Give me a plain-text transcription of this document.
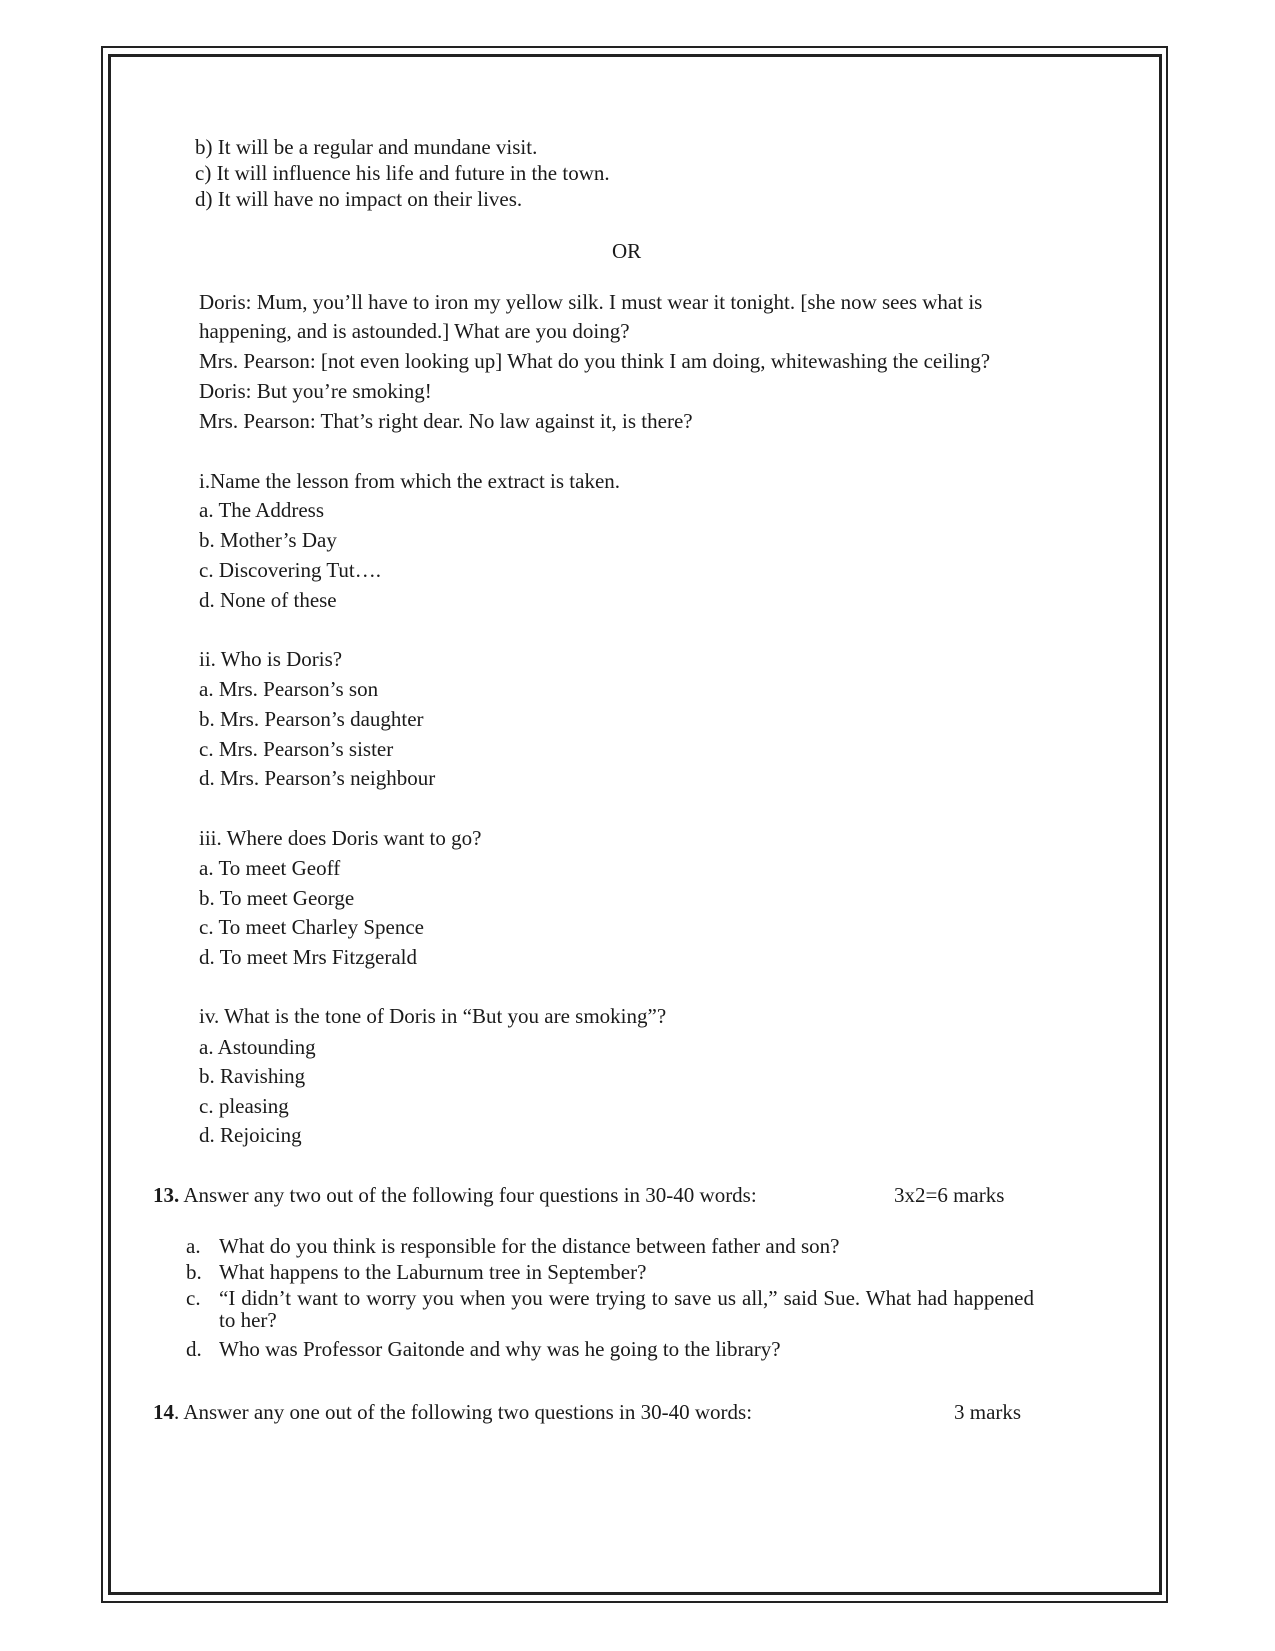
b) It will be a regular and mundane visit.
c) It will influence his life and future in the town.
d) It will have no impact on their lives.
OR
Doris: Mum, you’ll have to iron my yellow silk. I must wear it tonight. [she now sees what is
happening, and is astounded.] What are you doing?
Mrs. Pearson: [not even looking up] What do you think I am doing, whitewashing the ceiling?
Doris: But you’re smoking!
Mrs. Pearson: That’s right dear. No law against it, is there?
i.Name the lesson from which the extract is taken.
a. The Address
b. Mother’s Day
c. Discovering Tut….
d. None of these
ii. Who is Doris?
a. Mrs. Pearson’s son
b. Mrs. Pearson’s daughter
c. Mrs. Pearson’s sister
d. Mrs. Pearson’s neighbour
iii. Where does Doris want to go?
a. To meet Geoff
b. To meet George
c. To meet Charley Spence
d. To meet Mrs Fitzgerald
iv. What is the tone of Doris in “But you are smoking”?
a. Astounding
b. Ravishing
c. pleasing
d. Rejoicing
13. Answer any two out of the following four questions in 30-40 words:	3x2=6 marks
a. What do you think is responsible for the distance between father and son?
b. What happens to the Laburnum tree in September?
c. “I didn’t want to worry you when you were trying to save us all,” said Sue. What had happened to her?
d. Who was Professor Gaitonde and why was he going to the library?
14. Answer any one out of the following two questions in 30-40 words:	3 marks
